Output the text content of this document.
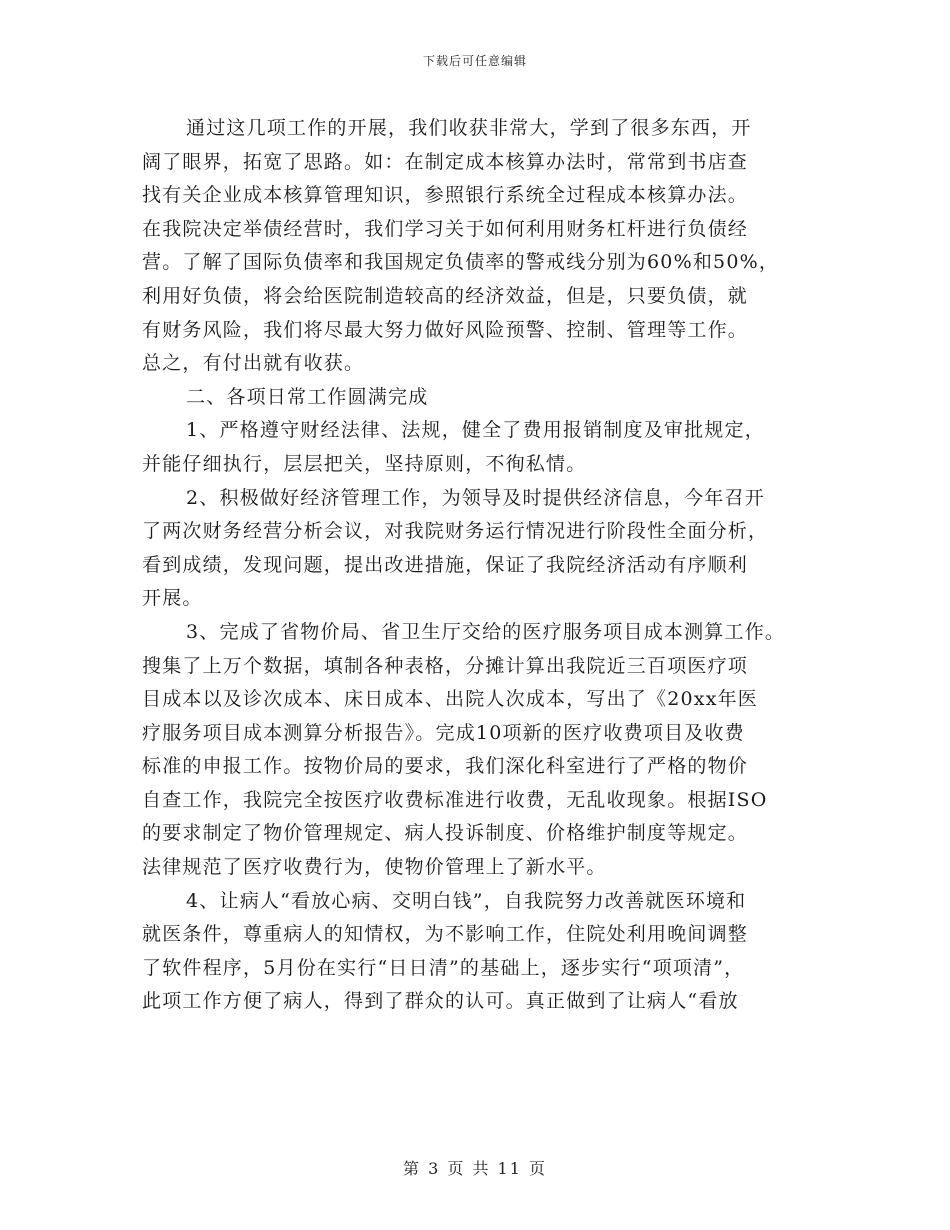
下载后可任意编辑
通过这几项工作的开展，我们收获非常大，学到了很多东西，开
阔了眼界，拓宽了思路。如：在制定成本核算办法时，常常到书店查
找有关企业成本核算管理知识，参照银行系统全过程成本核算办法。
在我院决定举债经营时，我们学习关于如何利用财务杠杆进行负债经
营。了解了国际负债率和我国规定负债率的警戒线分别为60%和50%，
利用好负债，将会给医院制造较高的经济效益，但是，只要负债，就
有财务风险，我们将尽最大努力做好风险预警、控制、管理等工作。
总之，有付出就有收获。
二、各项日常工作圆满完成
1、严格遵守财经法律、法规，健全了费用报销制度及审批规定，
并能仔细执行，层层把关，坚持原则，不徇私情。
2、积极做好经济管理工作，为领导及时提供经济信息，今年召开
了两次财务经营分析会议，对我院财务运行情况进行阶段性全面分析，
看到成绩，发现问题，提出改进措施，保证了我院经济活动有序顺利
开展。
3、完成了省物价局、省卫生厅交给的医疗服务项目成本测算工作。
搜集了上万个数据，填制各种表格，分摊计算出我院近三百项医疗项
目成本以及诊次成本、床日成本、出院人次成本，写出了《20xx年医
疗服务项目成本测算分析报告》。完成10项新的医疗收费项目及收费
标准的申报工作。按物价局的要求，我们深化科室进行了严格的物价
自查工作，我院完全按医疗收费标准进行收费，无乱收现象。根据ISO
的要求制定了物价管理规定、病人投诉制度、价格维护制度等规定。
法律规范了医疗收费行为，使物价管理上了新水平。
4、让病人“看放心病、交明白钱”，自我院努力改善就医环境和
就医条件，尊重病人的知情权，为不影响工作，住院处利用晚间调整
了软件程序，5月份在实行“日日清”的基础上，逐步实行“项项清”，
此项工作方便了病人，得到了群众的认可。真正做到了让病人“看放
第 3 页 共 11 页
